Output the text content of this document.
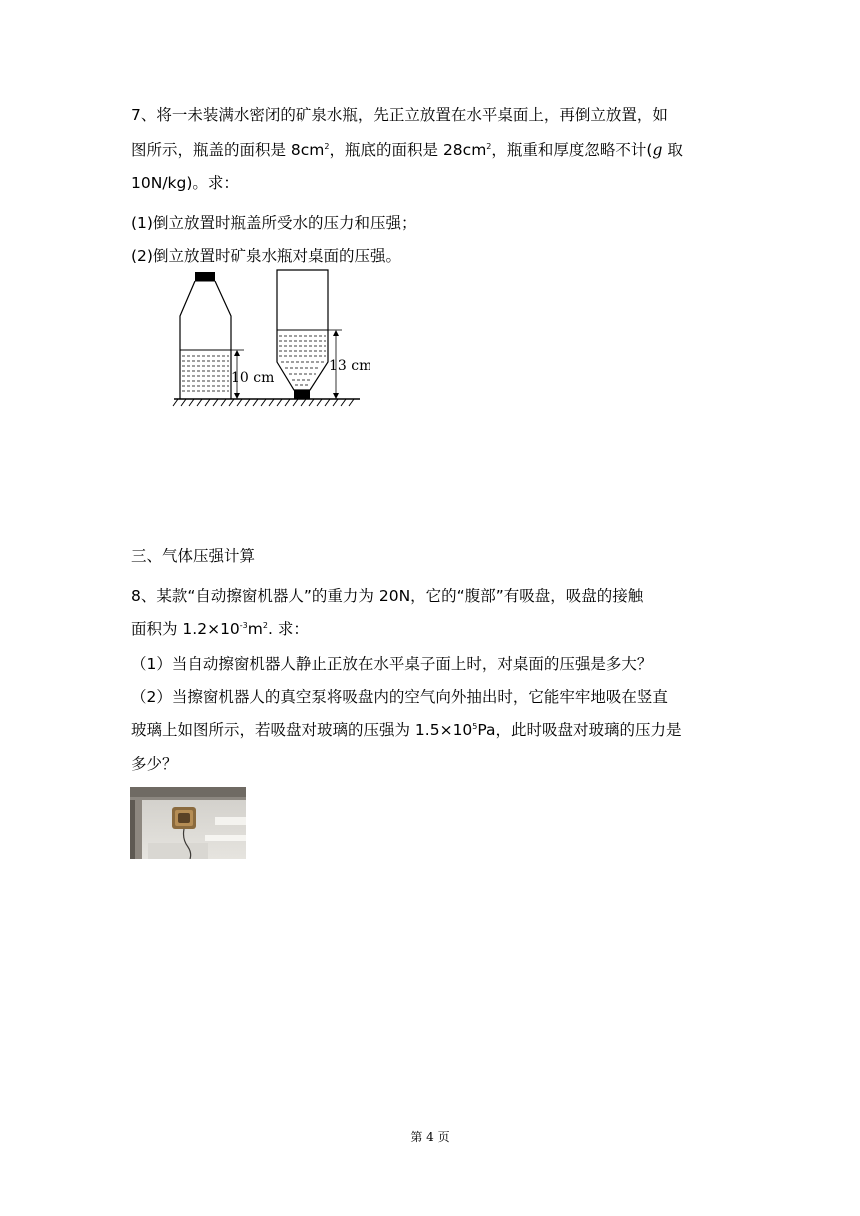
7、将一未装满水密闭的矿泉水瓶，先正立放置在水平桌面上，再倒立放置，如
图所示，瓶盖的面积是 $8cm^2$，瓶底的面积是 $28cm^2$，瓶重和厚度忽略不计(g 取
10N/kg)。求：
(1)倒立放置时瓶盖所受水的压力和压强；
(2)倒立放置时矿泉水瓶对桌面的压强。
10 cm
13 cm
三、气体压强计算
8、某款“自动擦窗机器人”的重力为 20N，它的“腹部”有吸盘，吸盘的接触
面积为 $1.2\times 10^{-3}m^2$. 求：
（1）当自动擦窗机器人静止正放在水平桌子面上时，对桌面的压强是多大？
（2）当擦窗机器人的真空泵将吸盘内的空气向外抽出时，它能牢牢地吸在竖直
玻璃上如图所示，若吸盘对玻璃的压强为 $1.5\times 10^5Pa$，此时吸盘对玻璃的压力是
多少？
第 4 页
